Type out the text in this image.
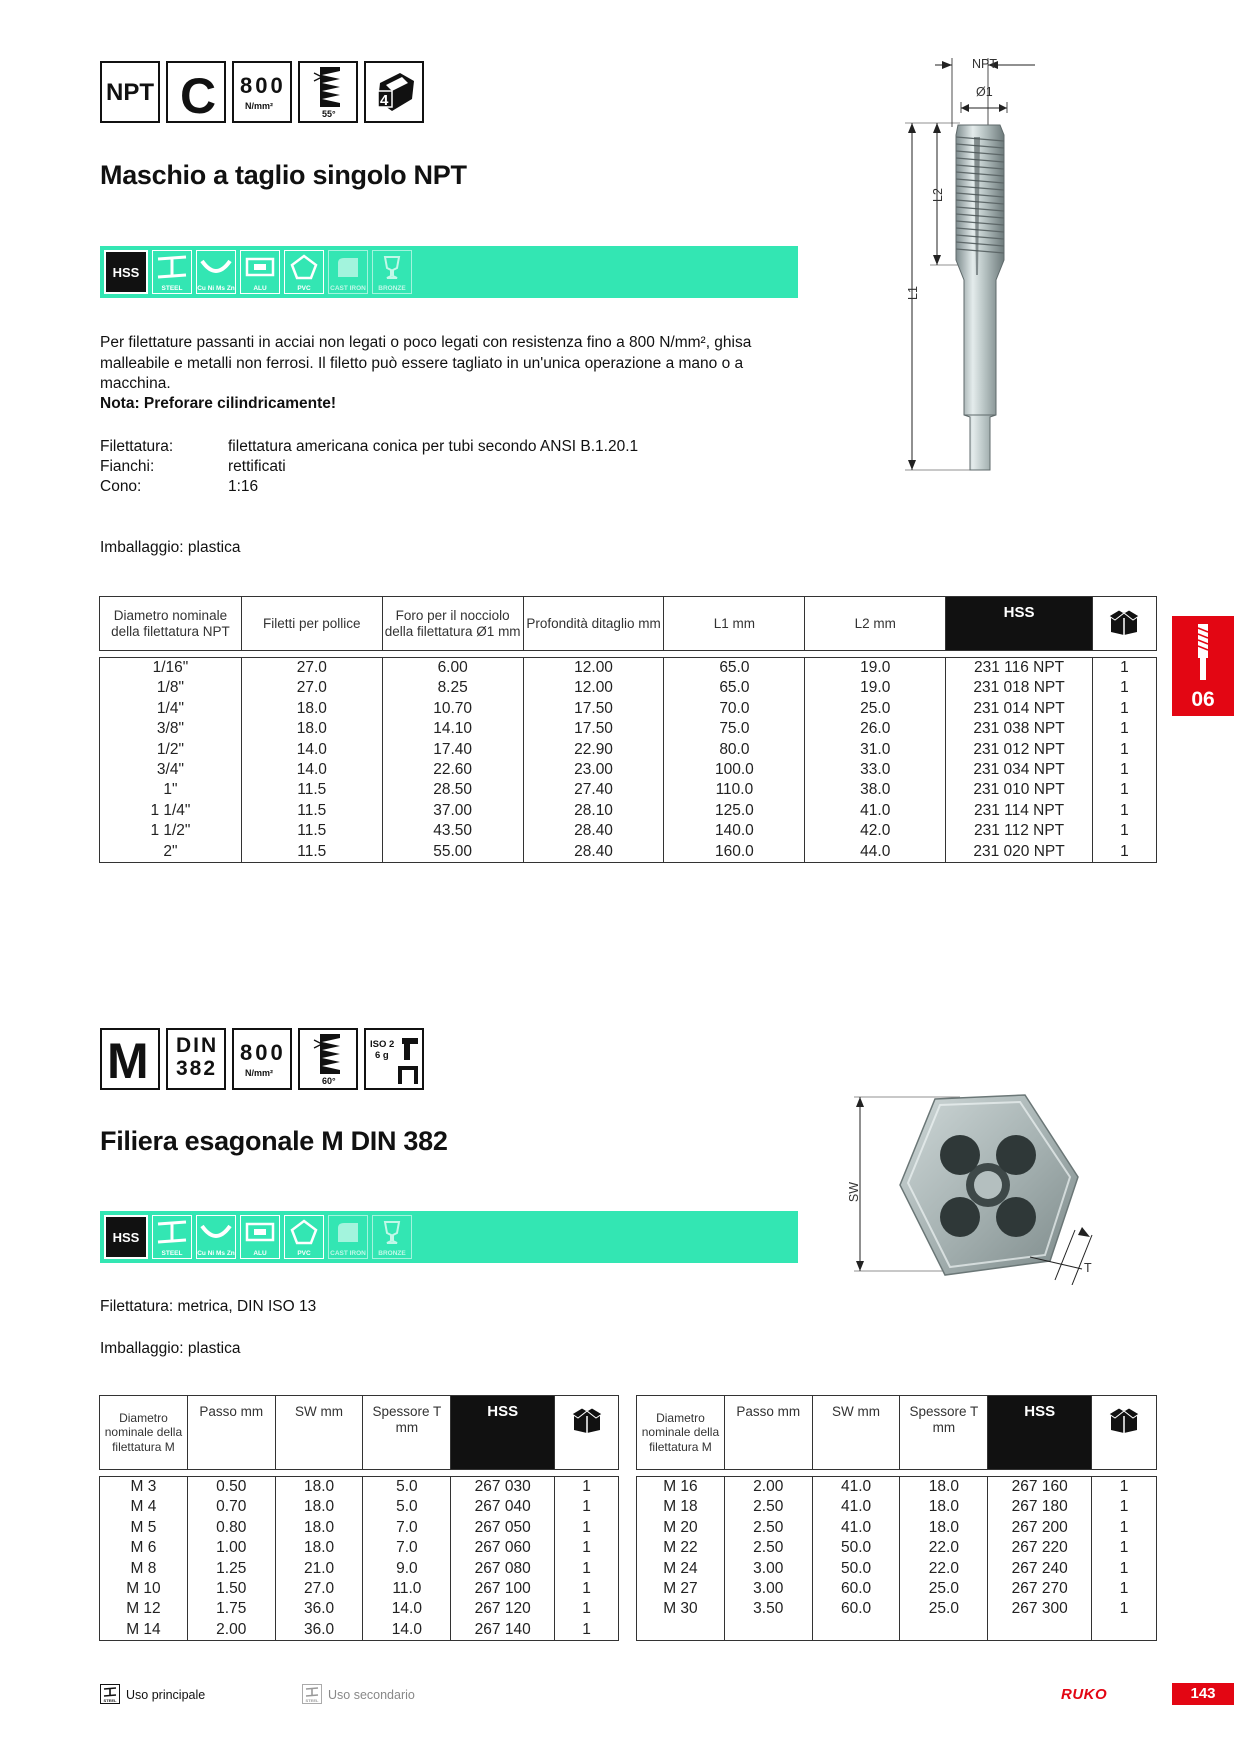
NPT C 800
N/mm²
55°
4
Maschio a taglio singolo NPT
HSS
STEEL	Cu Ni Ms Zn	ALU	PVC	CAST IRON	BRONZE
Per filettature passanti in acciai non legati o poco legati con resistenza fino a 800 N/mm², ghisa malleabile e metalli non ferrosi. Il filetto può essere tagliato in un'unica operazione a mano o a macchina.
Nota: Preforare cilindricamente!
Filettatura:	filettatura americana conica per tubi secondo ANSI B.1.20.1
Fianchi:	rettificati
Cono:	1:16
Imballaggio: plastica
NPT
Ø1
L1
L2
06
Diametro nominale della filettatura NPT	Filetti per pollice	Foro per il nocciolo della filettatura Ø1 mm	Profondità ditaglio mm	L1 mm	L2 mm	HSS	

1/16"	27.0	6.00	12.00	65.0	19.0	231 116 NPT	1
1/8"	27.0	8.25	12.00	65.0	19.0	231 018 NPT	1
1/4"	18.0	10.70	17.50	70.0	25.0	231 014 NPT	1
3/8"	18.0	14.10	17.50	75.0	26.0	231 038 NPT	1
1/2"	14.0	17.40	22.90	80.0	31.0	231 012 NPT	1
3/4"	14.0	22.60	23.00	100.0	33.0	231 034 NPT	1
1"	11.5	28.50	27.40	110.0	38.0	231 010 NPT	1
1 1/4"	11.5	37.00	28.10	125.0	41.0	231 114 NPT	1
1 1/2"	11.5	43.50	28.40	140.0	42.0	231 112 NPT	1
2"	11.5	55.00	28.40	160.0	44.0	231 020 NPT	1
M DIN
382
800
N/mm²
60°
ISO 2
6 g
Filiera esagonale M DIN 382
HSS
STEEL	Cu Ni Ms Zn	ALU	PVC	CAST IRON	BRONZE
Filettatura: metrica, DIN ISO 13
Imballaggio: plastica
SW
T
Diametro nominale della filettatura M	Passo mm	SW mm	Spessore T mm	HSS	

M 3	0.50	18.0	5.0	267 030	1
M 4	0.70	18.0	5.0	267 040	1
M 5	0.80	18.0	7.0	267 050	1
M 6	1.00	18.0	7.0	267 060	1
M 8	1.25	21.0	9.0	267 080	1
M 10	1.50	27.0	11.0	267 100	1
M 12	1.75	36.0	14.0	267 120	1
M 14	2.00	36.0	14.0	267 140	1
Diametro nominale della filettatura M	Passo mm	SW mm	Spessore T mm	HSS	

M 16	2.00	41.0	18.0	267 160	1
M 18	2.50	41.0	18.0	267 180	1
M 20	2.50	41.0	18.0	267 200	1
M 22	2.50	50.0	22.0	267 220	1
M 24	3.00	50.0	22.0	267 240	1
M 27	3.00	60.0	25.0	267 270	1
M 30	3.50	60.0	25.0	267 300	1

STEEL Uso principale	STEEL Uso secondario	RUKO	143
